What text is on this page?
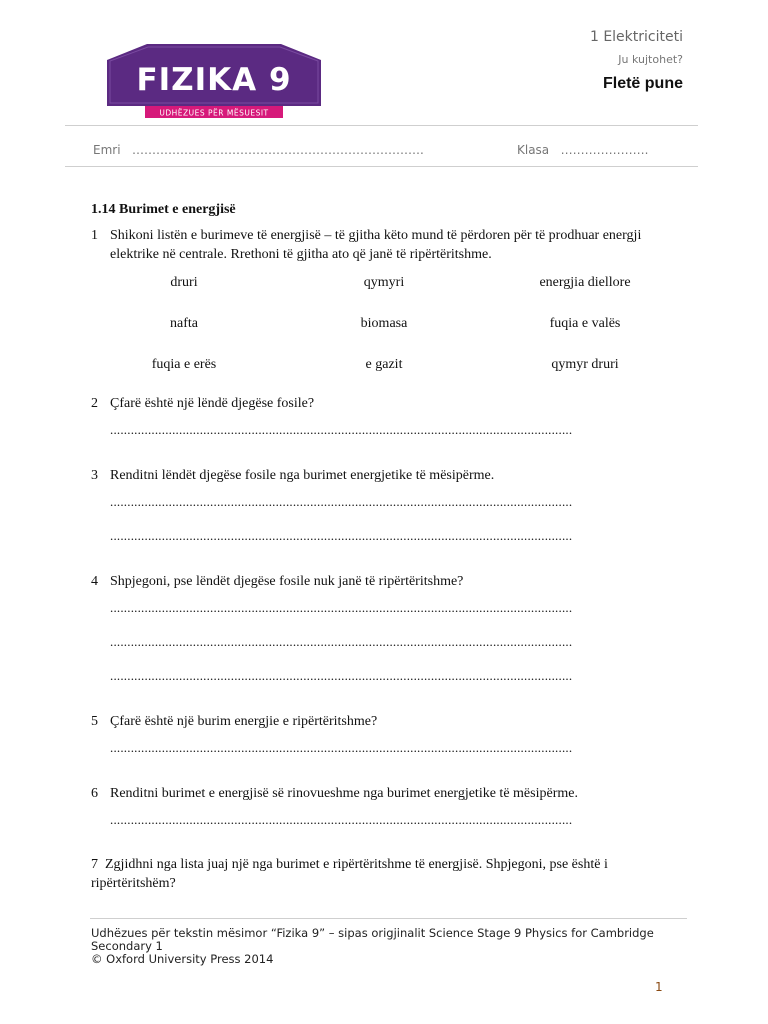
FIZIKA 9
UDHËZUES PËR MËSUESIT
1 Elektriciteti
Ju kujtohet?
Fletë pune
Emri ……………………………………………………………….	Klasa ………………….
1.14 Burimet e energjisë
1 Shikoni listën e burimeve të energjisë – të gjitha këto mund të përdoren për të prodhuar energji elektrike në centrale. Rrethoni të gjitha ato që janë të ripërtëritshme.
druri	qymyri	energjia diellore
nafta	biomasa	fuqia e valës
fuqia e erës	e gazit	qymyr druri
2 Çfarë është një lëndë djegëse fosile?
......................................................................................................................................
3 Renditni lëndët djegëse fosile nga burimet energjetike të mësipërme.
......................................................................................................................................
......................................................................................................................................
4 Shpjegoni, pse lëndët djegëse fosile nuk janë të ripërtëritshme?
......................................................................................................................................
......................................................................................................................................
......................................................................................................................................
5 Çfarë është një burim energjie e ripërtëritshme?
......................................................................................................................................
6 Renditni burimet e energjisë së rinovueshme nga burimet energjetike të mësipërme.
......................................................................................................................................
7 Zgjidhni nga lista juaj një nga burimet e ripërtëritshme të energjisë. Shpjegoni, pse është i ripërtëritshëm?
Udhëzues për tekstin mësimor “Fizika 9” – sipas origjinalit Science Stage 9 Physics for Cambridge Secondary 1
© Oxford University Press 2014
1
